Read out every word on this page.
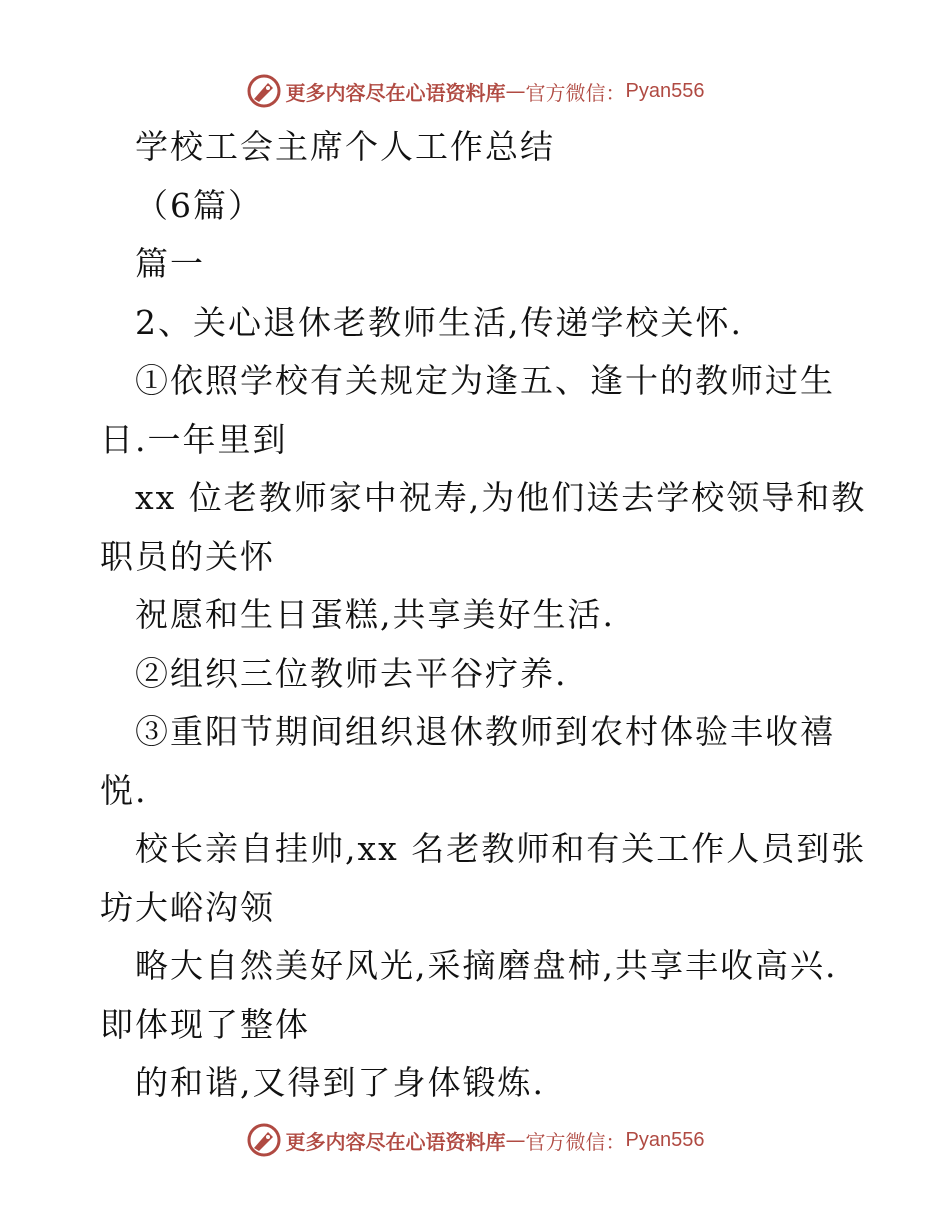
更多内容尽在心语资料库 — 官方微信： Pyan556
学校工会主席个人工作总结
（6篇）
篇一
2、关心退休老教师生活,传递学校关怀.
①依照学校有关规定为逢五、逢十的教师过生
日.一年里到
xx 位老教师家中祝寿,为他们送去学校领导和教
职员的关怀
祝愿和生日蛋糕,共享美好生活.
②组织三位教师去平谷疗养.
③重阳节期间组织退休教师到农村体验丰收禧
悦.
校长亲自挂帅,xx 名老教师和有关工作人员到张
坊大峪沟领
略大自然美好风光,采摘磨盘柿,共享丰收高兴.
即体现了整体
的和谐,又得到了身体锻炼.
更多内容尽在心语资料库 — 官方微信： Pyan556
